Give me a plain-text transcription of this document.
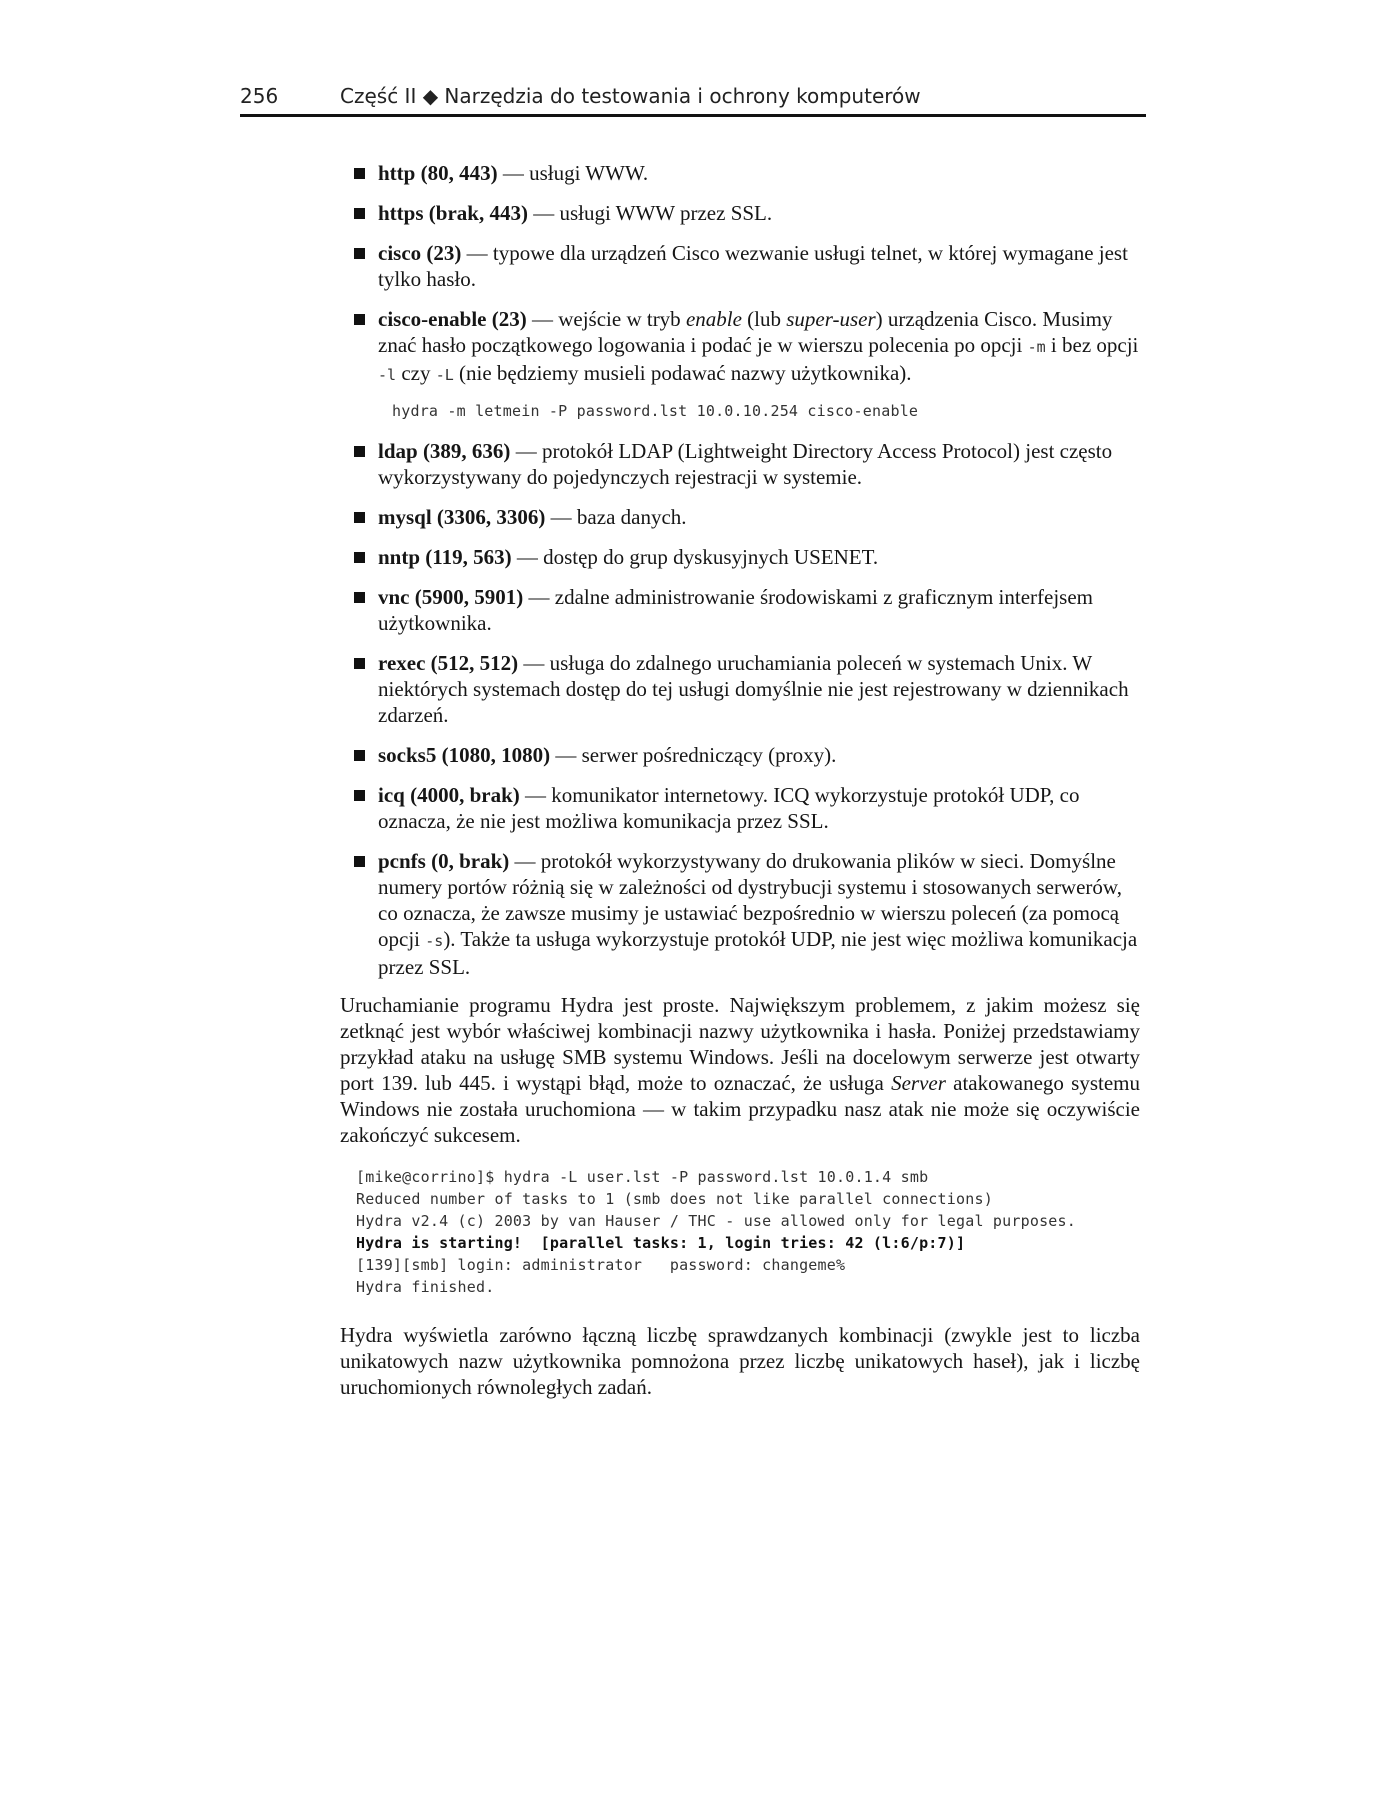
256	Część II ◆ Narzędzia do testowania i ochrony komputerów
http (80, 443) — usługi WWW.
https (brak, 443) — usługi WWW przez SSL.
cisco (23) — typowe dla urządzeń Cisco wezwanie usługi telnet, w której wymagane jest tylko hasło.
cisco-enable (23) — wejście w tryb enable (lub super-user) urządzenia Cisco. Musimy znać hasło początkowego logowania i podać je w wierszu polecenia po opcji -m i bez opcji -l czy -L (nie będziemy musieli podawać nazwy użytkownika).
hydra -m letmein -P password.lst 10.0.10.254 cisco-enable
ldap (389, 636) — protokół LDAP (Lightweight Directory Access Protocol) jest często wykorzystywany do pojedynczych rejestracji w systemie.
mysql (3306, 3306) — baza danych.
nntp (119, 563) — dostęp do grup dyskusyjnych USENET.
vnc (5900, 5901) — zdalne administrowanie środowiskami z graficznym interfejsem użytkownika.
rexec (512, 512) — usługa do zdalnego uruchamiania poleceń w systemach Unix. W niektórych systemach dostęp do tej usługi domyślnie nie jest rejestrowany w dziennikach zdarzeń.
socks5 (1080, 1080) — serwer pośredniczący (proxy).
icq (4000, brak) — komunikator internetowy. ICQ wykorzystuje protokół UDP, co oznacza, że nie jest możliwa komunikacja przez SSL.
pcnfs (0, brak) — protokół wykorzystywany do drukowania plików w sieci. Domyślne numery portów różnią się w zależności od dystrybucji systemu i stosowanych serwerów, co oznacza, że zawsze musimy je ustawiać bezpośrednio w wierszu poleceń (za pomocą opcji -s). Także ta usługa wykorzystuje protokół UDP, nie jest więc możliwa komunikacja przez SSL.

Uruchamianie programu Hydra jest proste. Największym problemem, z jakim możesz się zetknąć jest wybór właściwej kombinacji nazwy użytkownika i hasła. Poniżej przedstawiamy przykład ataku na usługę SMB systemu Windows. Jeśli na docelowym serwerze jest otwarty port 139. lub 445. i wystąpi błąd, może to oznaczać, że usługa Server atakowanego systemu Windows nie została uruchomiona — w takim przypadku nasz atak nie może się oczywiście zakończyć sukcesem.

[mike@corrino]$ hydra -L user.lst -P password.lst 10.0.1.4 smb
Reduced number of tasks to 1 (smb does not like parallel connections)
Hydra v2.4 (c) 2003 by van Hauser / THC - use allowed only for legal purposes.
Hydra is starting!  [parallel tasks: 1, login tries: 42 (l:6/p:7)]
[139][smb] login: administrator   password: changeme%
Hydra finished.

Hydra wyświetla zarówno łączną liczbę sprawdzanych kombinacji (zwykle jest to liczba unikatowych nazw użytkownika pomnożona przez liczbę unikatowych haseł), jak i liczbę uruchomionych równoległych zadań.
